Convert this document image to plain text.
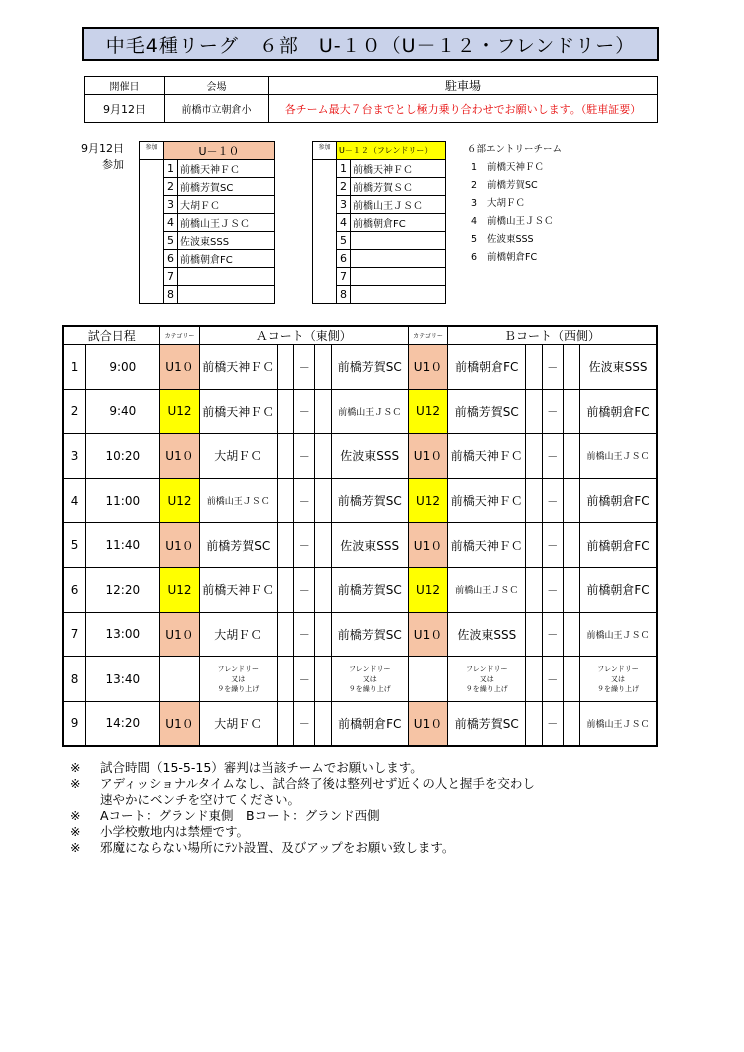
中毛4種リーグ　６部　U-１０（U－１２・フレンドリー）
開催日	会場	駐車場
9月12日	前橋市立朝倉小	各チーム最大７台までとし極力乗り合わせでお願いします。（駐車証要）
9月12日
参加
参加	U－１０	
	1	前橋天神ＦＣ
	2	前橋芳賀SC
	3	大胡ＦＣ
	4	前橋山王ＪＳＣ
	5	佐波東SSS
	6	前橋朝倉FC
	7	
	8	
参加	U－１２（フレンドリー）	
	1	前橋天神ＦＣ
	2	前橋芳賀ＳＣ
	3	前橋山王ＪＳＣ
	4	前橋朝倉FC
	5	
	6	
	7	
	8	
６部エントリーチーム
1 前橋天神ＦＣ
2 前橋芳賀SC
3 大胡ＦＣ
4 前橋山王ＪＳＣ
5 佐波東SSS
6 前橋朝倉FC
試合日程		カテゴリー	Ａコート（東側）					カテゴリー	Ｂコート（西側）				
1	9:00	U1０	前橋天神ＦＣ		－		前橋芳賀SC	U1０	前橋朝倉FC		－		佐波東SSS
2	9:40	U12	前橋天神ＦＣ		－		前橋山王ＪＳＣ	U12	前橋芳賀SC		－		前橋朝倉FC
3	10:20	U1０	大胡ＦＣ		－		佐波東SSS	U1０	前橋天神ＦＣ		－		前橋山王ＪＳＣ
4	11:00	U12	前橋山王ＪＳＣ		－		前橋芳賀SC	U12	前橋天神ＦＣ		－		前橋朝倉FC
5	11:40	U1０	前橋芳賀SC		－		佐波東SSS	U1０	前橋天神ＦＣ		－		前橋朝倉FC
6	12:20	U12	前橋天神ＦＣ		－		前橋芳賀SC	U12	前橋山王ＪＳＣ		－		前橋朝倉FC
7	13:00	U1０	大胡ＦＣ		－		前橋芳賀SC	U1０	佐波東SSS		－		前橋山王ＪＳＣ
8	13:40		フレンドリー
又は
９を繰り上げ		－		フレンドリー
又は
９を繰り上げ		フレンドリー
又は
９を繰り上げ		－		フレンドリー
又は
９を繰り上げ
9	14:20	U1０	大胡ＦＣ		－		前橋朝倉FC	U1０	前橋芳賀SC		－		前橋山王ＪＳＣ
※	試合時間（15-5-15）審判は当該チームでお願いします。
※	アディッショナルタイムなし、試合終了後は整列せず近くの人と握手を交わし
速やかにベンチを空けてください。
※	Aコート：グランド東側　Bコート：グランド西側
※	小学校敷地内は禁煙です。
※	邪魔にならない場所にﾃﾝﾄ設置、及びアップをお願い致します。
